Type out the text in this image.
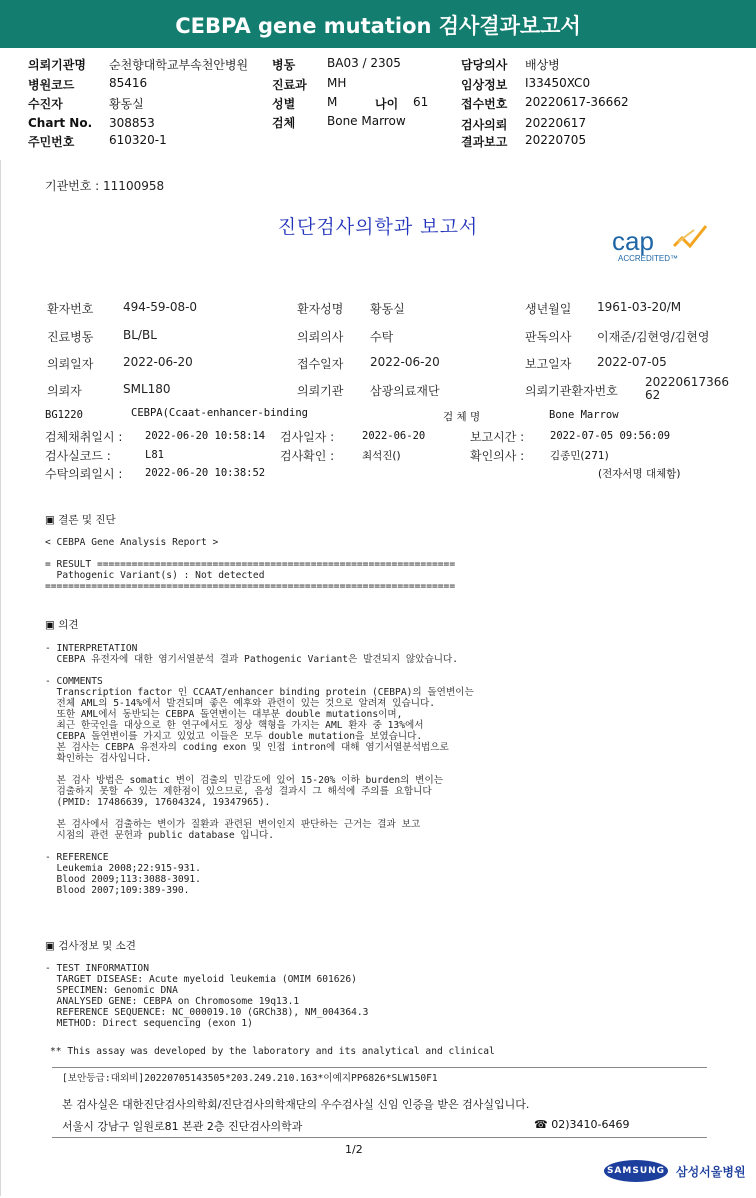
CEBPA gene mutation 검사결과보고서
의뢰기관명 순천향대학교부속천안병원
병원코드	85416
수진자	황동실
Chart No. 308853
주민번호	610320-1
병동	BA03 / 2305
진료과 MH
성별	M
검체	Bone Marrow
나이 61
담당의사 배상병
임상정보 I33450XC0
접수번호 20220617-36662
검사의뢰 20220617
결과보고 20220705
기관번호 : 11100958
진단검사의학과 보고서	cap
ACCREDITED™
환자번호 494-59-08-0	환자성명 황동실	생년월일 1961-03-20/M
진료병동 BL/BL	의뢰의사 수탁	판독의사 이재준/김현영/김현영
의뢰일자 2022-06-20	접수일자 2022-06-20	보고일자 2022-07-05
의뢰자	SML180	의뢰기관 삼광의료재단	의뢰기관환자번호
2022061736662
BG1220	CEBPA(Ccaat-enhancer-binding	검 체 명	Bone Marrow
검체채취일시 : 2022-06-20 10:58:14 검사일자 :	2022-06-20	보고시간 : 2022-07-05 09:56:09
검사실코드 :	L81	검사확인 :	최석진()	확인의사 : 김종민(271)
수탁의뢰일시 : 2022-06-20 10:38:52	(전자서명 대체함)
▣ 결론 및 진단
< CEBPA Gene Analysis Report >

= RESULT ==============================================================
Pathogenic Variant(s) : Not detected
=======================================================================
▣ 의견
- INTERPRETATION
CEBPA 유전자에 대한 염기서열분석 결과 Pathogenic Variant은 발견되지 않았습니다.

- COMMENTS
Transcription factor 인 CCAAT/enhancer binding protein (CEBPA)의 돌연변이는
전체 AML의 5-14%에서 발견되며 좋은 예후와 관련이 있는 것으로 알려져 있습니다.
또한 AML에서 동반되는 CEBPA 돌연변이는 대부분 double mutations이며,
최근 한국인을 대상으로 한 연구에서도 정상 핵형을 가지는 AML 환자 중 13%에서
CEBPA 돌연변이를 가지고 있었고 이들은 모두 double mutation을 보였습니다.
본 검사는 CEBPA 유전자의 coding exon 및 인접 intron에 대해 염기서열분석법으로
확인하는 검사입니다.

본 검사 방법은 somatic 변이 검출의 민감도에 있어 15-20% 이하 burden의 변이는
검출하지 못할 수 있는 제한점이 있으므로, 음성 결과시 그 해석에 주의를 요합니다
(PMID: 17486639, 17604324, 19347965).

본 검사에서 검출하는 변이가 질환과 관련된 변이인지 판단하는 근거는 결과 보고
시점의 관련 문헌과 public database 입니다.

- REFERENCE
Leukemia 2008;22:915-931.
Blood 2009;113:3088-3091.
Blood 2007;109:389-390.
▣ 검사정보 및 소견
- TEST INFORMATION
TARGET DISEASE: Acute myeloid leukemia (OMIM 601626)
SPECIMEN: Genomic DNA
ANALYSED GENE: CEBPA on Chromosome 19q13.1
REFERENCE SEQUENCE: NC_000019.10 (GRCh38), NM_004364.3
METHOD: Direct sequencing (exon 1)
** This assay was developed by the laboratory and its analytical and clinical
[보안등급:대외비]20220705143505*203.249.210.163*이예지PP6826*SLW150F1
본 검사실은 대한진단검사의학회/진단검사의학재단의 우수검사실 신임 인증을 받은 검사실입니다.
서울시 강남구 일원로81 본관 2층 진단검사의학과	☎ 02)3410-6469
1/2
SAMSUNG 삼성서울병원
